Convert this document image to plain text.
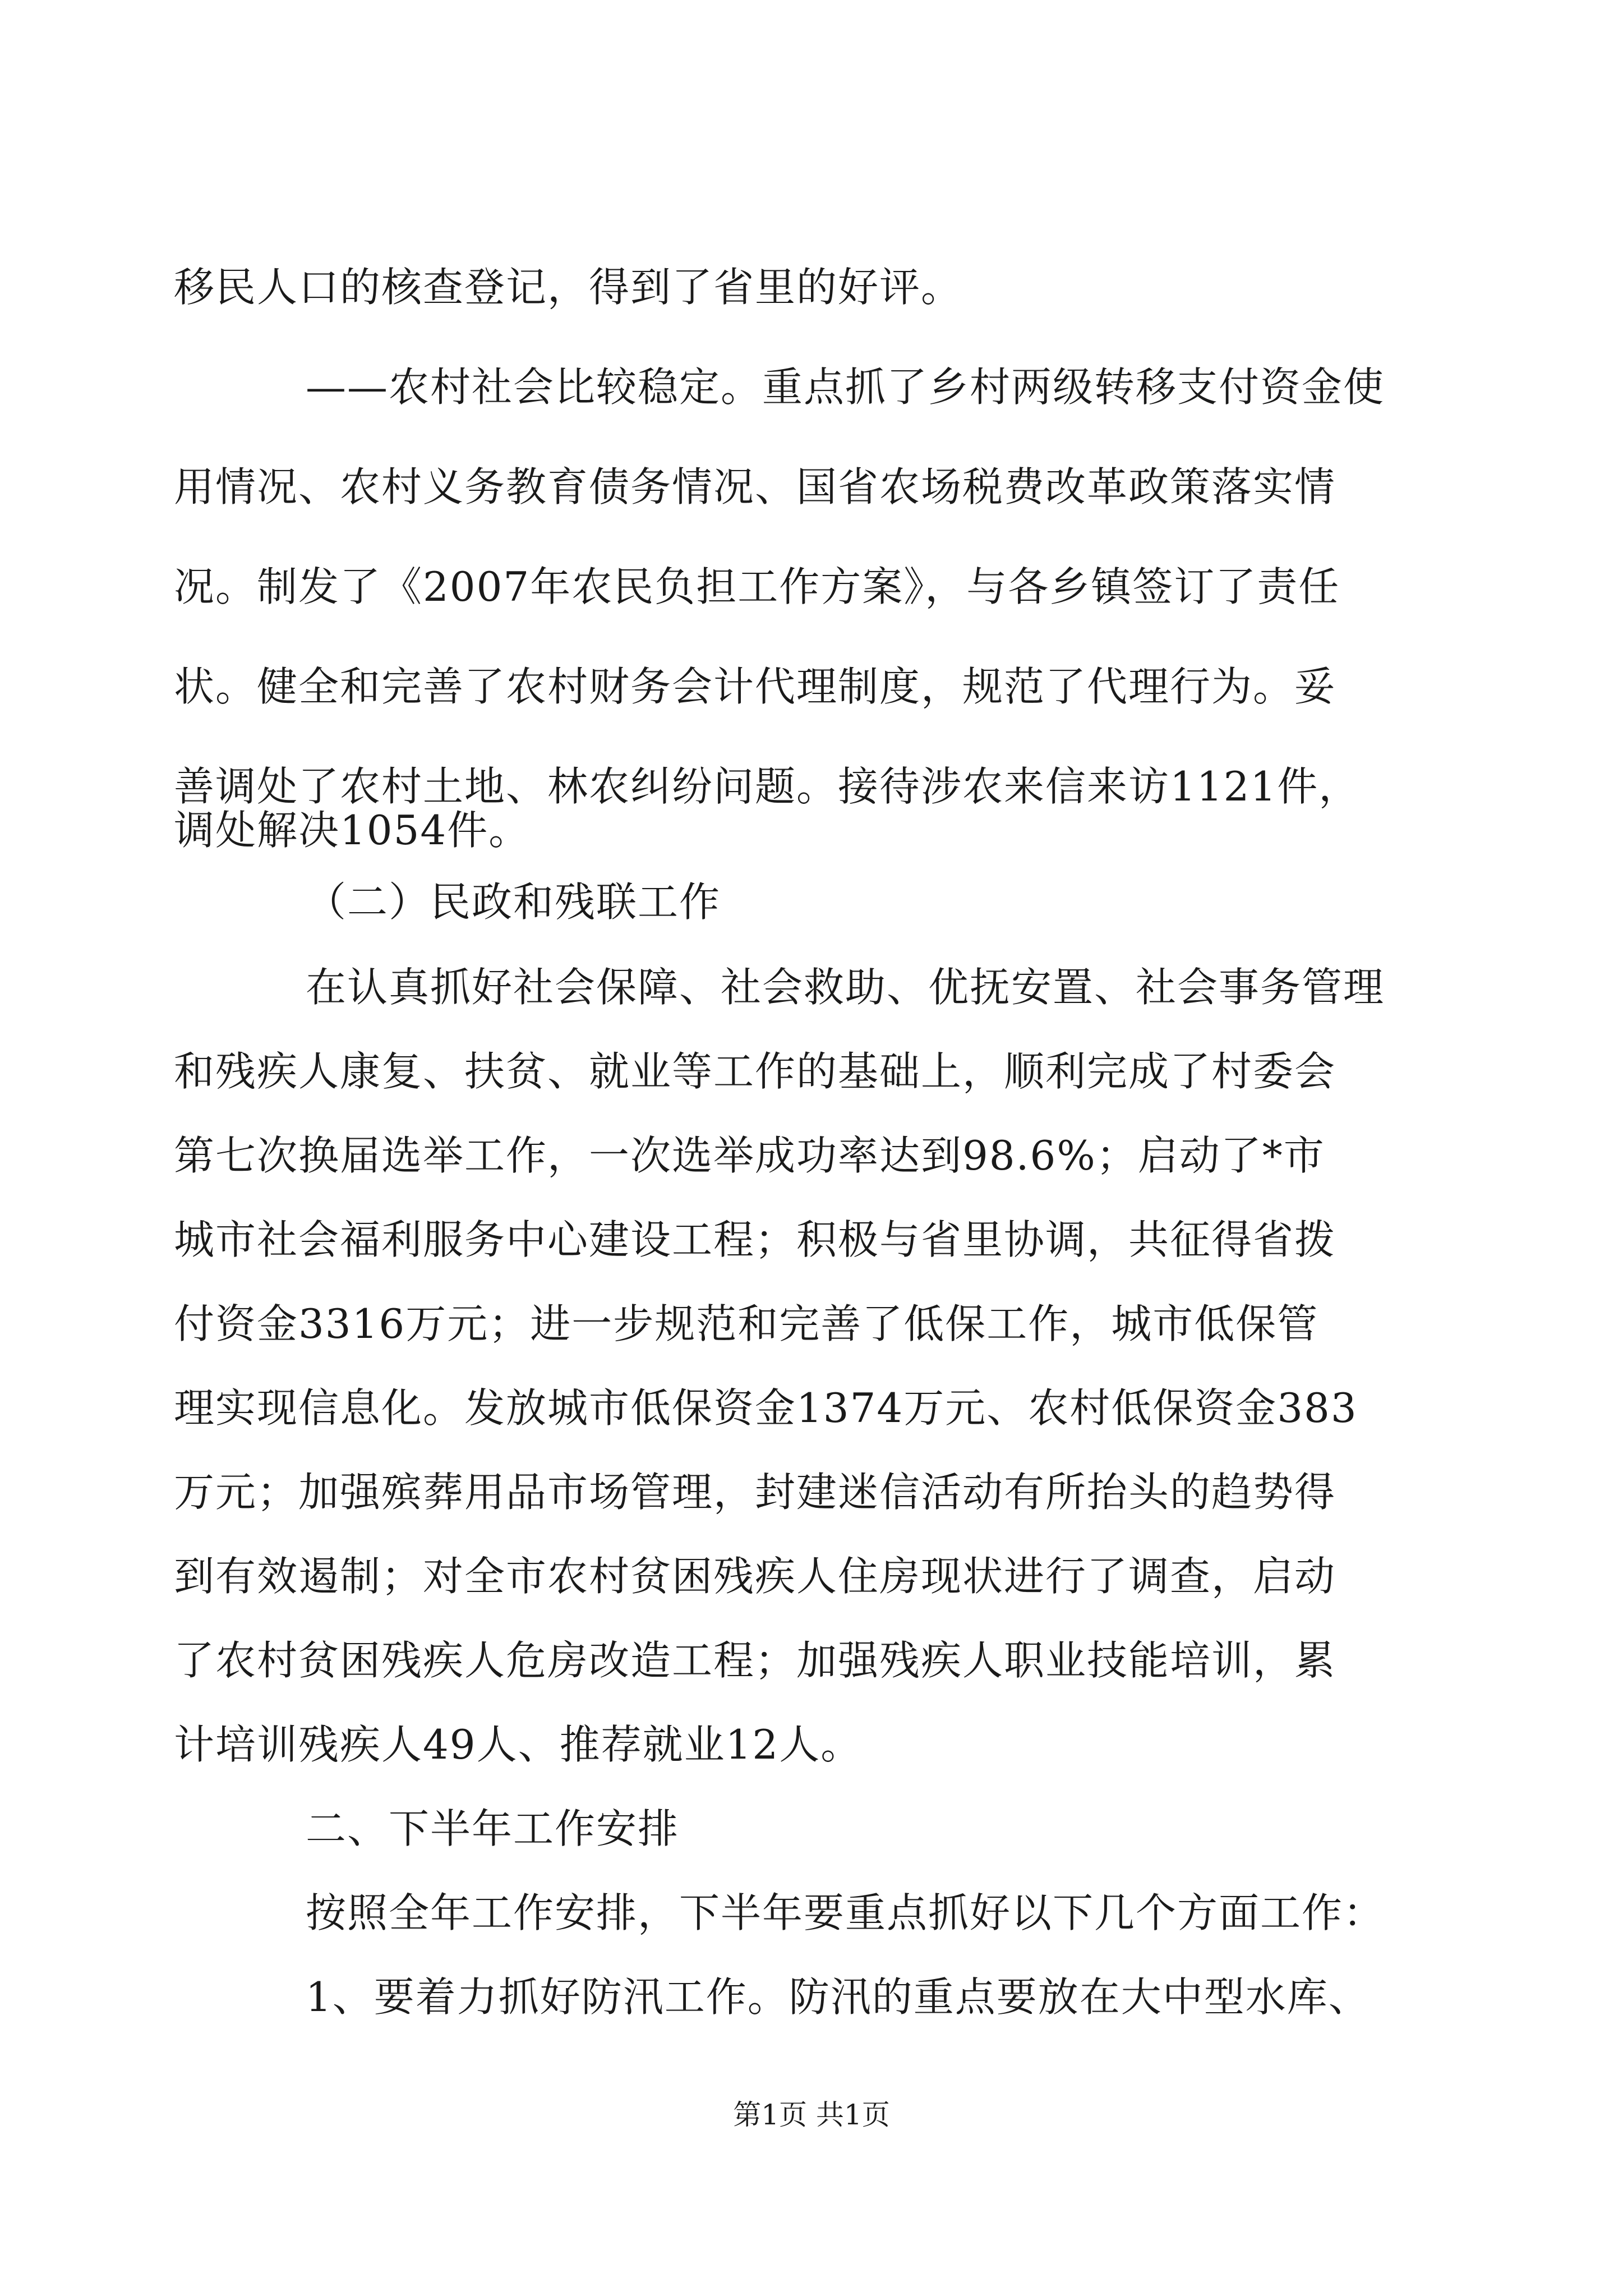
移民人口的核查登记，得到了省里的好评。
——农村社会比较稳定。重点抓了乡村两级转移支付资金使
用情况、农村义务教育债务情况、国省农场税费改革政策落实情
况。制发了《2007年农民负担工作方案》，与各乡镇签订了责任
状。健全和完善了农村财务会计代理制度，规范了代理行为。妥
善调处了农村土地、林农纠纷问题。接待涉农来信来访1121件，
调处解决1054件。
（二）民政和残联工作
在认真抓好社会保障、社会救助、优抚安置、社会事务管理
和残疾人康复、扶贫、就业等工作的基础上，顺利完成了村委会
第七次换届选举工作，一次选举成功率达到98.6%；启动了*市
城市社会福利服务中心建设工程；积极与省里协调，共征得省拨
付资金3316万元；进一步规范和完善了低保工作，城市低保管
理实现信息化。发放城市低保资金1374万元、农村低保资金383
万元；加强殡葬用品市场管理，封建迷信活动有所抬头的趋势得
到有效遏制；对全市农村贫困残疾人住房现状进行了调查，启动
了农村贫困残疾人危房改造工程；加强残疾人职业技能培训，累
计培训残疾人49人、推荐就业12人。
二、下半年工作安排
按照全年工作安排，下半年要重点抓好以下几个方面工作：
1、要着力抓好防汛工作。防汛的重点要放在大中型水库、
第1页 共1页
